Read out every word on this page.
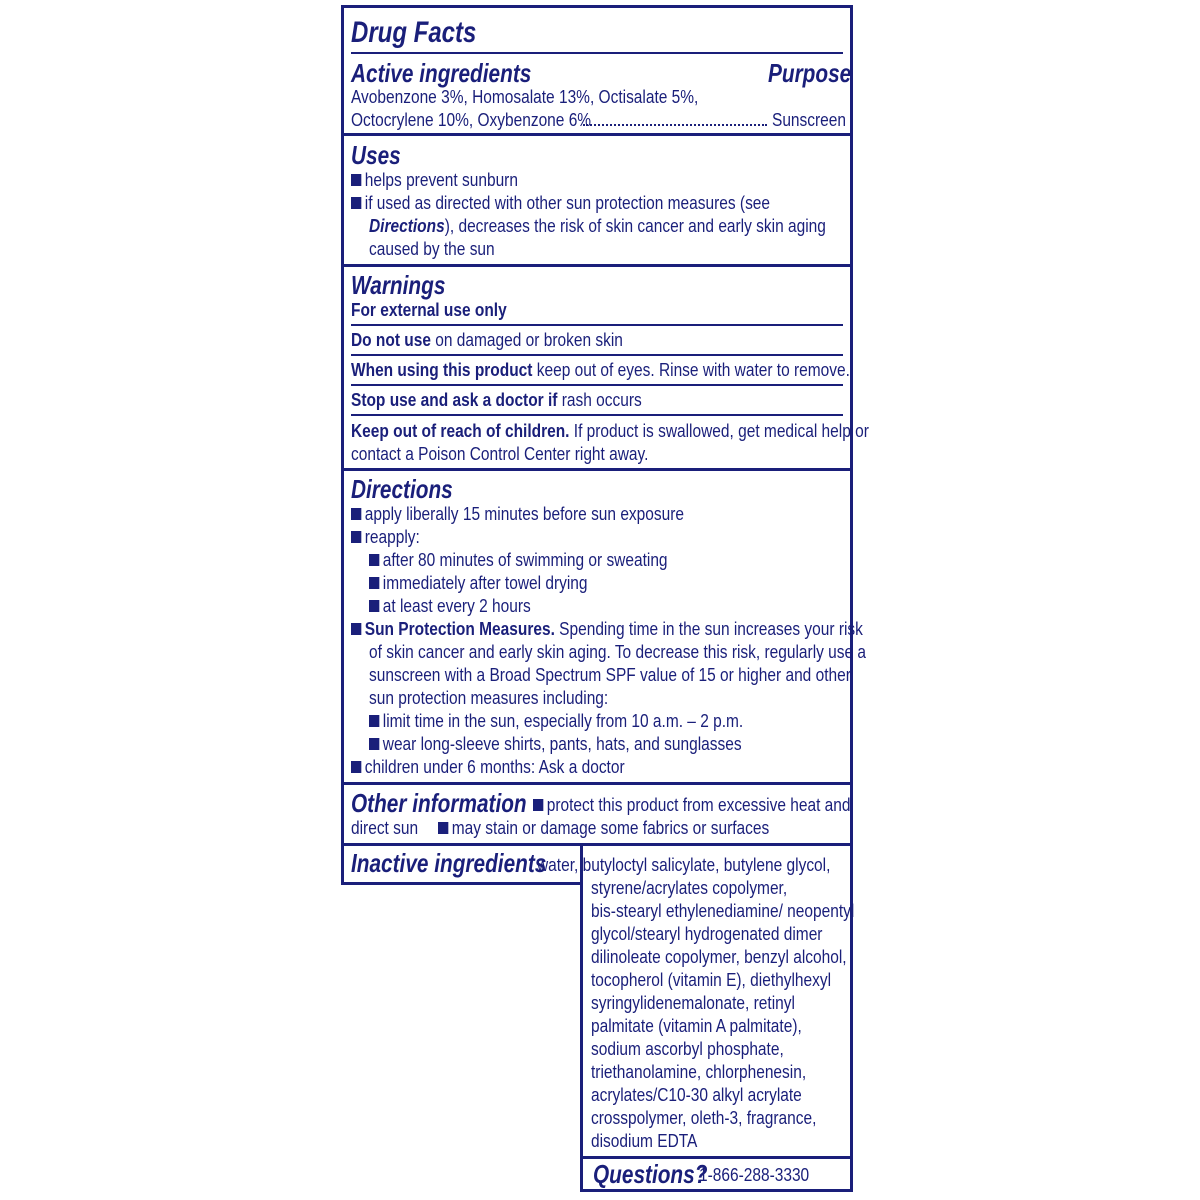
Drug Facts
Active ingredients	Purpose
Avobenzone 3%, Homosalate 13%, Octisalate 5%,
Octocrylene 10%, Oxybenzone 6%	Sunscreen
Uses
helps prevent sunburn
if used as directed with other sun protection measures (see
Directions), decreases the risk of skin cancer and early skin aging
caused by the sun
Warnings
For external use only
Do not use on damaged or broken skin
When using this product keep out of eyes. Rinse with water to remove.
Stop use and ask a doctor if rash occurs
Keep out of reach of children. If product is swallowed, get medical help or
contact a Poison Control Center right away.
Directions
apply liberally 15 minutes before sun exposure
reapply:
after 80 minutes of swimming or sweating
immediately after towel drying
at least every 2 hours
Sun Protection Measures. Spending time in the sun increases your risk
of skin cancer and early skin aging. To decrease this risk, regularly use a
sunscreen with a Broad Spectrum SPF value of 15 or higher and other
sun protection measures including:
limit time in the sun, especially from 10 a.m. – 2 p.m.
wear long-sleeve shirts, pants, hats, and sunglasses
children under 6 months: Ask a doctor
Other information	protect this product from excessive heat and
direct sun	may stain or damage some fabrics or surfaces
Inactive ingredients
water, butyloctyl salicylate, butylene glycol,
styrene/acrylates copolymer,
bis-stearyl ethylenediamine/ neopentyl
glycol/stearyl hydrogenated dimer
dilinoleate copolymer, benzyl alcohol,
tocopherol (vitamin E), diethylhexyl
syringylidenemalonate, retinyl
palmitate (vitamin A palmitate),
sodium ascorbyl phosphate,
triethanolamine, chlorphenesin,
acrylates/C10-30 alkyl acrylate
crosspolymer, oleth-3, fragrance,
disodium EDTA
Questions?
1-866-288-3330
